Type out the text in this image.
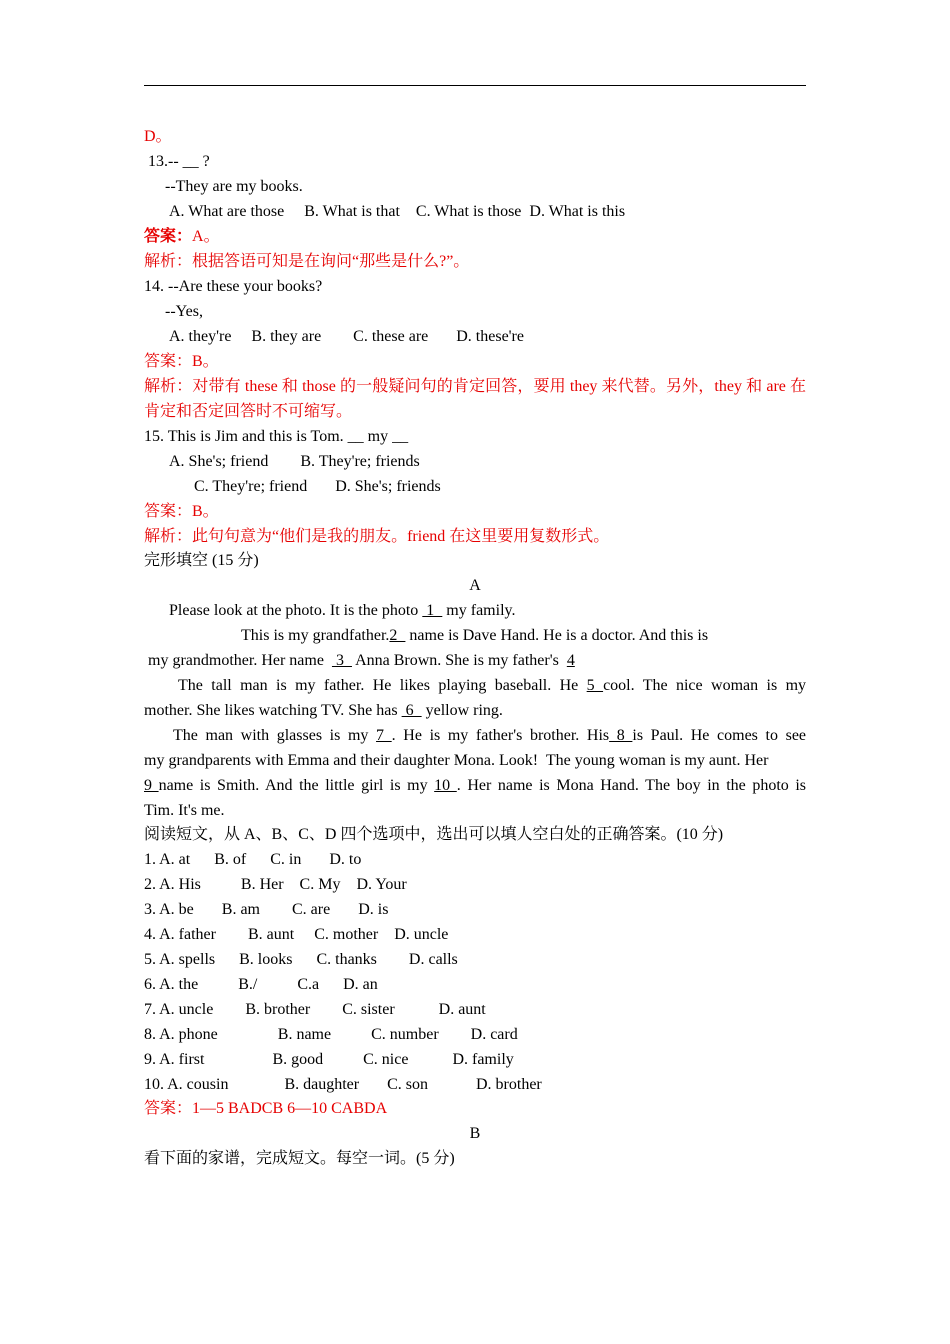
D。
13.-- __ ?
--They are my books.
A. What are those     B. What is that    C. What is those  D. What is this
答案：A。
解析：根据答语可知是在询问“那些是什么?”。
14. --Are these your books?
--Yes,
A. they're     B. they are        C. these are       D. these're
答案：B。
解析：对带有 these 和 those 的一般疑问句的肯定回答，要用 they 来代替。另外，they 和 are 在
肯定和否定回答时不可缩写。
15. This is Jim and this is Tom. __ my __
A. She's; friend        B. They're; friends
C. They're; friend       D. She's; friends
答案：B。
解析：此句句意为“他们是我的朋友。friend 在这里要用复数形式。
完形填空 (15 分)
A
Please look at the photo. It is the photo  1   my family.
This is my grandfather.2   name is Dave Hand. He is a doctor. And this is
my grandmother. Her name   3   Anna Brown. She is my father's  4
The tall man is my father. He likes playing baseball. He 5 cool. The nice woman is my
mother. She likes watching TV. She has  6   yellow ring.
The man with glasses is my 7 . He is my father's brother. His 8 is Paul. He comes to see
my grandparents with Emma and their daughter Mona. Look!  The young woman is my aunt. Her
9 name is Smith. And the little girl is my 10 . Her name is Mona Hand. The boy in the photo is
Tim. It's me.
阅读短文，从 A、B、C、D 四个选项中，选出可以填人空白处的正确答案。(10 分)
1. A. at      B. of      C. in       D. to
2. A. His          B. Her    C. My    D. Your
3. A. be       B. am        C. are       D. is
4. A. father        B. aunt     C. mother    D. uncle
5. A. spells      B. looks      C. thanks        D. calls
6. A. the          B./          C.a      D. an
7. A. uncle        B. brother        C. sister           D. aunt
8. A. phone               B. name          C. number        D. card
9. A. first                 B. good          C. nice           D. family
10. A. cousin              B. daughter       C. son            D. brother
答案：1—5 BADCB 6—10 CABDA
B
看下面的家谱，完成短文。每空一词。(5 分)
